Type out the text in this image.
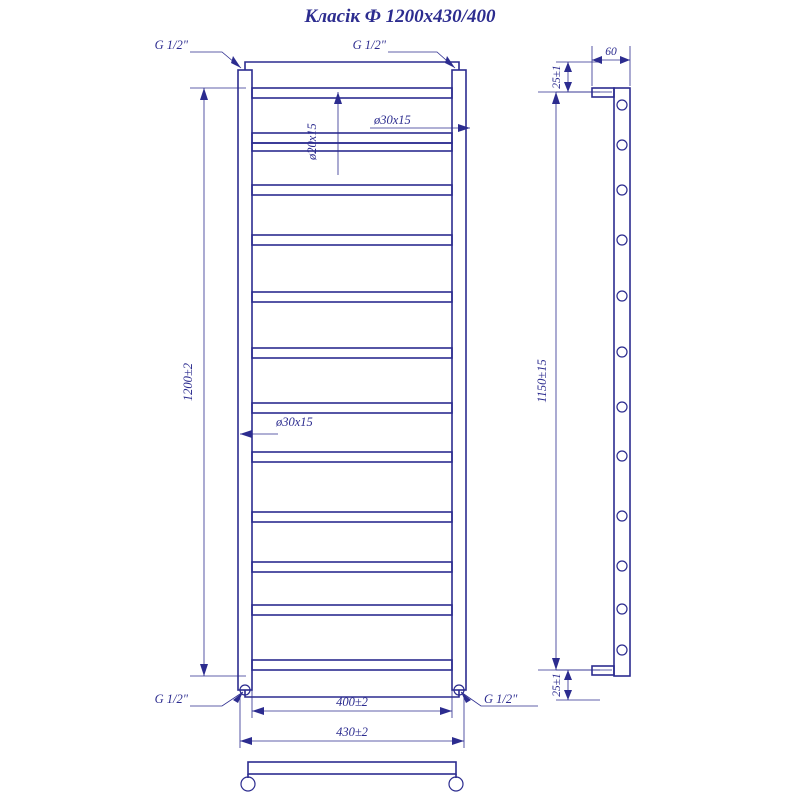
Класік Ф 1200x430/400
G 1/2"	G 1/2"
G 1/2"	G 1/2"
ø30x15
ø20x15
ø30x15
1200±2
400±2
430±2
25±1
60
1150±15
25±1
